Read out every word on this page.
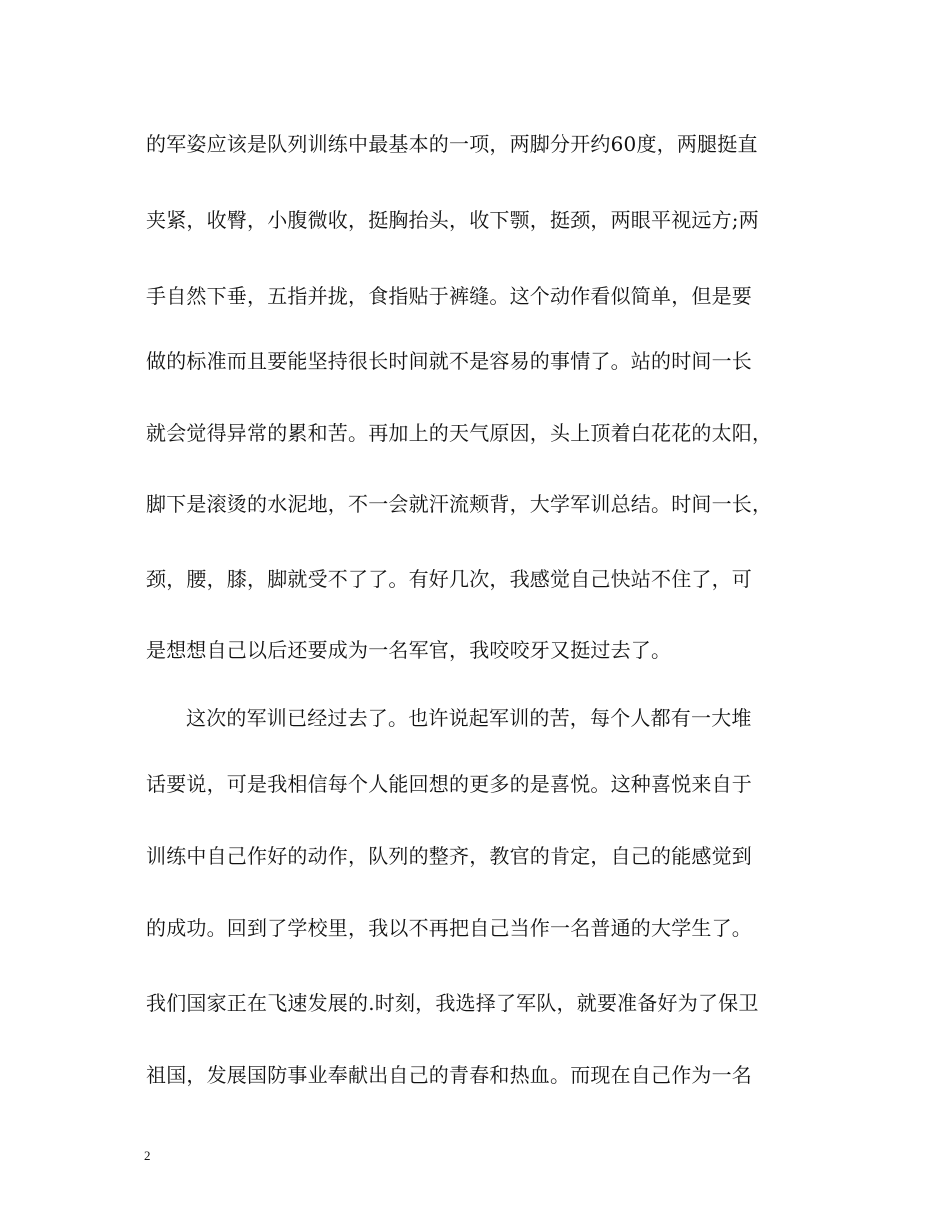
的军姿应该是队列训练中最基本的一项，两脚分开约60度，两腿挺直
夹紧，收臀，小腹微收，挺胸抬头，收下颚，挺颈，两眼平视远方;两
手自然下垂，五指并拢，食指贴于裤缝。这个动作看似简单，但是要
做的标准而且要能坚持很长时间就不是容易的事情了。站的时间一长
就会觉得异常的累和苦。再加上的天气原因，头上顶着白花花的太阳，
脚下是滚烫的水泥地，不一会就汗流颊背，大学军训总结。时间一长，
颈，腰，膝，脚就受不了了。有好几次，我感觉自己快站不住了，可
是想想自己以后还要成为一名军官，我咬咬牙又挺过去了。
这次的军训已经过去了。也许说起军训的苦，每个人都有一大堆
话要说，可是我相信每个人能回想的更多的是喜悦。这种喜悦来自于
训练中自己作好的动作，队列的整齐，教官的肯定，自己的能感觉到
的成功。回到了学校里，我以不再把自己当作一名普通的大学生了。
我们国家正在飞速发展的.时刻，我选择了军队，就要准备好为了保卫
祖国，发展国防事业奉献出自己的青春和热血。而现在自己作为一名
2
